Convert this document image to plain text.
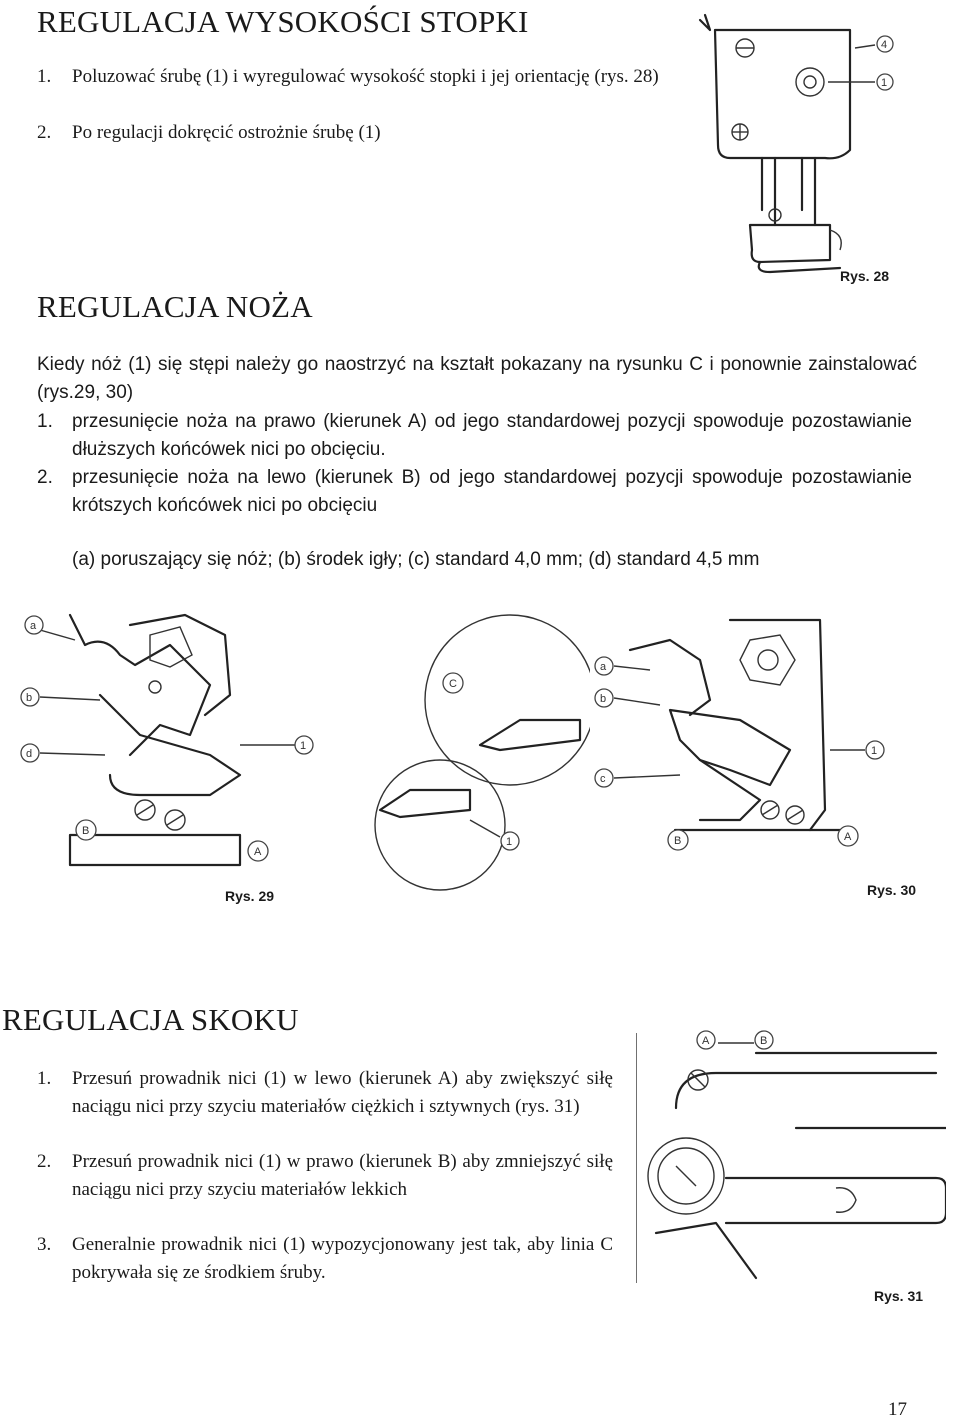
REGULACJA WYSOKOŚCI STOPKI
1. Poluzować śrubę (1) i wyregulować wysokość stopki i jej orientację (rys. 28)
2. Po regulacji dokręcić ostrożnie śrubę (1)
4
1
Rys. 28
REGULACJA NOŻA
Kiedy nóż (1) się stępi należy go naostrzyć na kształt pokazany na rysunku C i ponownie zainstalować (rys.29, 30)
1. przesunięcie noża na prawo (kierunek A) od jego standardowej pozycji spowoduje pozostawianie dłuższych końcówek nici po obcięciu.
2. przesunięcie noża na lewo (kierunek B) od jego standardowej pozycji spowoduje pozostawianie krótszych końcówek nici po obcięciu
(a) poruszający się nóż; (b) środek igły; (c) standard 4,0 mm; (d) standard 4,5 mm
a
b
d
1
B
A
C
1
Rys. 29
a
b
1
c
B	A
Rys. 30
REGULACJA SKOKU
1. Przesuń prowadnik nici (1) w lewo (kierunek A) aby zwiększyć siłę naciągu nici przy szyciu materiałów ciężkich i sztywnych (rys. 31)
2. Przesuń prowadnik nici (1) w prawo (kierunek B) aby zmniejszyć siłę naciągu nici przy szyciu materiałów lekkich
3. Generalnie prowadnik nici (1) wypozycjonowany jest tak, aby linia C pokrywała się ze środkiem śruby.
A	B
Rys. 31
17
